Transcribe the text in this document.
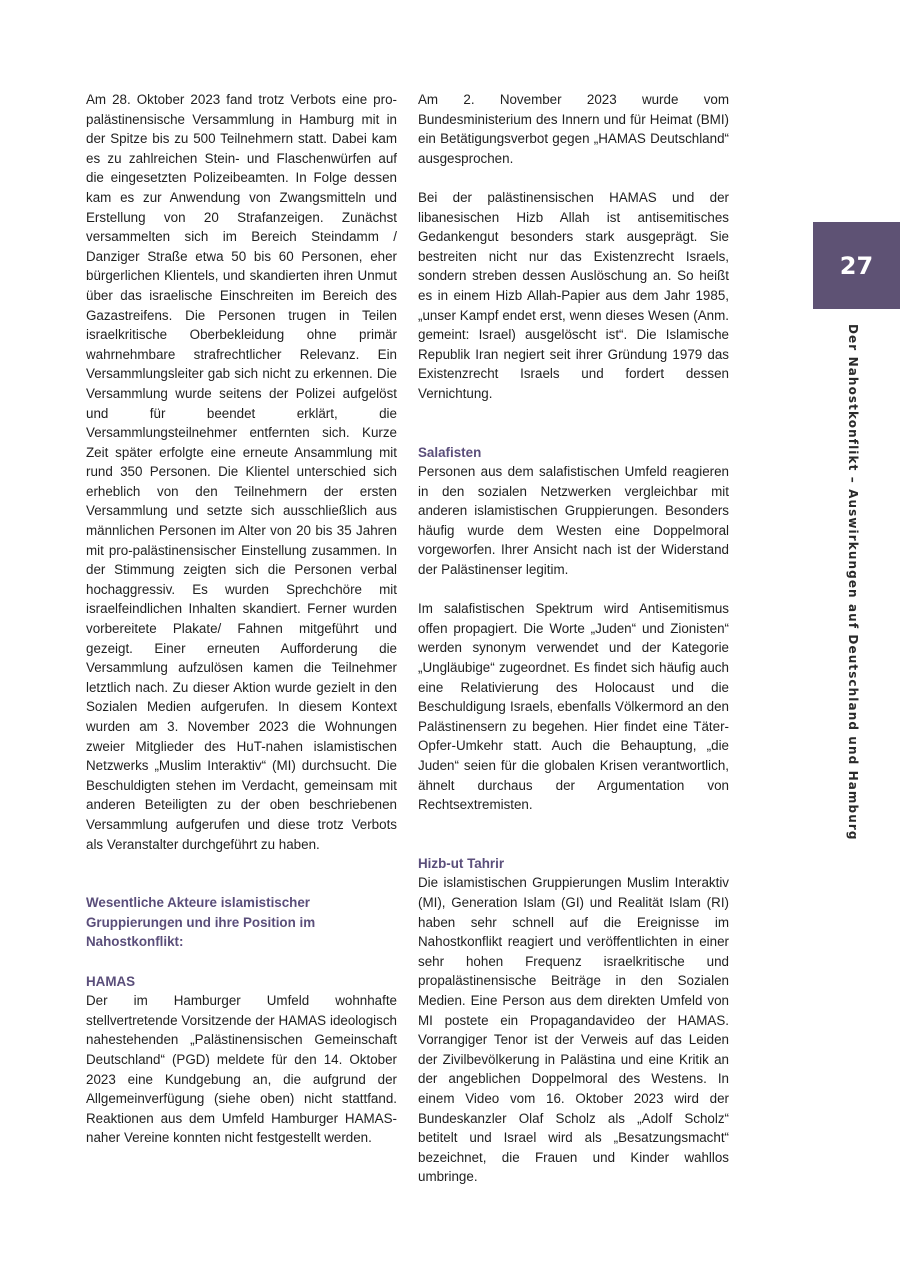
Am 28. Oktober 2023 fand trotz Verbots eine pro-palästinensische Versammlung in Hamburg mit in der Spitze bis zu 500 Teilnehmern statt. Dabei kam es zu zahlreichen Stein- und Flaschenwürfen auf die eingesetzten Polizeibeamten. In Folge dessen kam es zur Anwendung von Zwangsmitteln und Erstellung von 20 Strafanzeigen. Zunächst versammelten sich im Bereich Steindamm / Danziger Straße etwa 50 bis 60 Personen, eher bürgerlichen Klientels, und skandierten ihren Unmut über das israelische Einschreiten im Bereich des Gazastreifens. Die Personen trugen in Teilen israelkritische Oberbekleidung ohne primär wahrnehmbare strafrechtlicher Relevanz. Ein Versammlungsleiter gab sich nicht zu erkennen. Die Versammlung wurde seitens der Polizei aufgelöst und für beendet erklärt, die Versammlungsteilnehmer entfernten sich. Kurze Zeit später erfolgte eine erneute Ansammlung mit rund 350 Personen. Die Klientel unterschied sich erheblich von den Teilnehmern der ersten Versammlung und setzte sich ausschließlich aus männlichen Personen im Alter von 20 bis 35 Jahren mit pro-palästinensischer Einstellung zusammen. In der Stimmung zeigten sich die Personen verbal hochaggressiv. Es wurden Sprechchöre mit israelfeindlichen Inhalten skandiert. Ferner wurden vorbereitete Plakate/ Fahnen mitgeführt und gezeigt. Einer erneuten Aufforderung die Versammlung aufzulösen kamen die Teilnehmer letztlich nach. Zu dieser Aktion wurde gezielt in den Sozialen Medien aufgerufen. In diesem Kontext wurden am 3. November 2023 die Wohnungen zweier Mitglieder des HuT-nahen islamistischen Netzwerks „Muslim Interaktiv“ (MI) durchsucht. Die Beschuldigten stehen im Verdacht, gemeinsam mit anderen Beteiligten zu der oben beschriebenen Versammlung aufgerufen und diese trotz Verbots als Veranstalter durchgeführt zu haben.

Wesentliche Akteure islamistischer Gruppierungen und ihre Position im Nahostkonflikt:
HAMAS

Der im Hamburger Umfeld wohnhafte stellvertretende Vorsitzende der HAMAS ideologisch nahestehenden „Palästinensischen Gemeinschaft Deutschland“ (PGD) meldete für den 14. Oktober 2023 eine Kundgebung an, die aufgrund der Allgemeinverfügung (siehe oben) nicht stattfand. Reaktionen aus dem Umfeld Hamburger HAMAS-naher Vereine konnten nicht festgestellt werden.

Am 2. November 2023 wurde vom Bundesministerium des Innern und für Heimat (BMI) ein Betätigungsverbot gegen „HAMAS Deutschland“ ausgesprochen.

Bei der palästinensischen HAMAS und der libanesischen Hizb Allah ist antisemitisches Gedankengut besonders stark ausgeprägt. Sie bestreiten nicht nur das Existenzrecht Israels, sondern streben dessen Auslöschung an. So heißt es in einem Hizb Allah-Papier aus dem Jahr 1985, „unser Kampf endet erst, wenn dieses Wesen (Anm. gemeint: Israel) ausgelöscht ist“. Die Islamische Republik Iran negiert seit ihrer Gründung 1979 das Existenzrecht Israels und fordert dessen Vernichtung.

Salafisten

Personen aus dem salafistischen Umfeld reagieren in den sozialen Netzwerken vergleichbar mit anderen islamistischen Gruppierungen. Besonders häufig wurde dem Westen eine Doppelmoral vorgeworfen. Ihrer Ansicht nach ist der Widerstand der Palästinenser legitim.

Im salafistischen Spektrum wird Antisemitismus offen propagiert. Die Worte „Juden“ und Zionisten“ werden synonym verwendet und der Kategorie „Ungläubige“ zugeordnet. Es findet sich häufig auch eine Relativierung des Holocaust und die Beschuldigung Israels, ebenfalls Völkermord an den Palästinensern zu begehen. Hier findet eine Täter-Opfer-Umkehr statt. Auch die Behauptung, „die Juden“ seien für die globalen Krisen verantwortlich, ähnelt durchaus der Argumentation von Rechtsextremisten.

Hizb-ut Tahrir

Die islamistischen Gruppierungen Muslim Interaktiv (MI), Generation Islam (GI) und Realität Islam (RI) haben sehr schnell auf die Ereignisse im Nahostkonflikt reagiert und veröffentlichten in einer sehr hohen Frequenz israelkritische und propalästinensische Beiträge in den Sozialen Medien. Eine Person aus dem direkten Umfeld von MI postete ein Propagandavideo der HAMAS. Vorrangiger Tenor ist der Verweis auf das Leiden der Zivilbevölkerung in Palästina und eine Kritik an der angeblichen Doppelmoral des Westens. In einem Video vom 16. Oktober 2023 wird der Bundeskanzler Olaf Scholz als „Adolf Scholz“ betitelt und Israel wird als „Besatzungsmacht“ bezeichnet, die Frauen und Kinder wahllos umbringe.

27
Der Nahostkonflikt – Auswirkungen auf Deutschland und Hamburg
